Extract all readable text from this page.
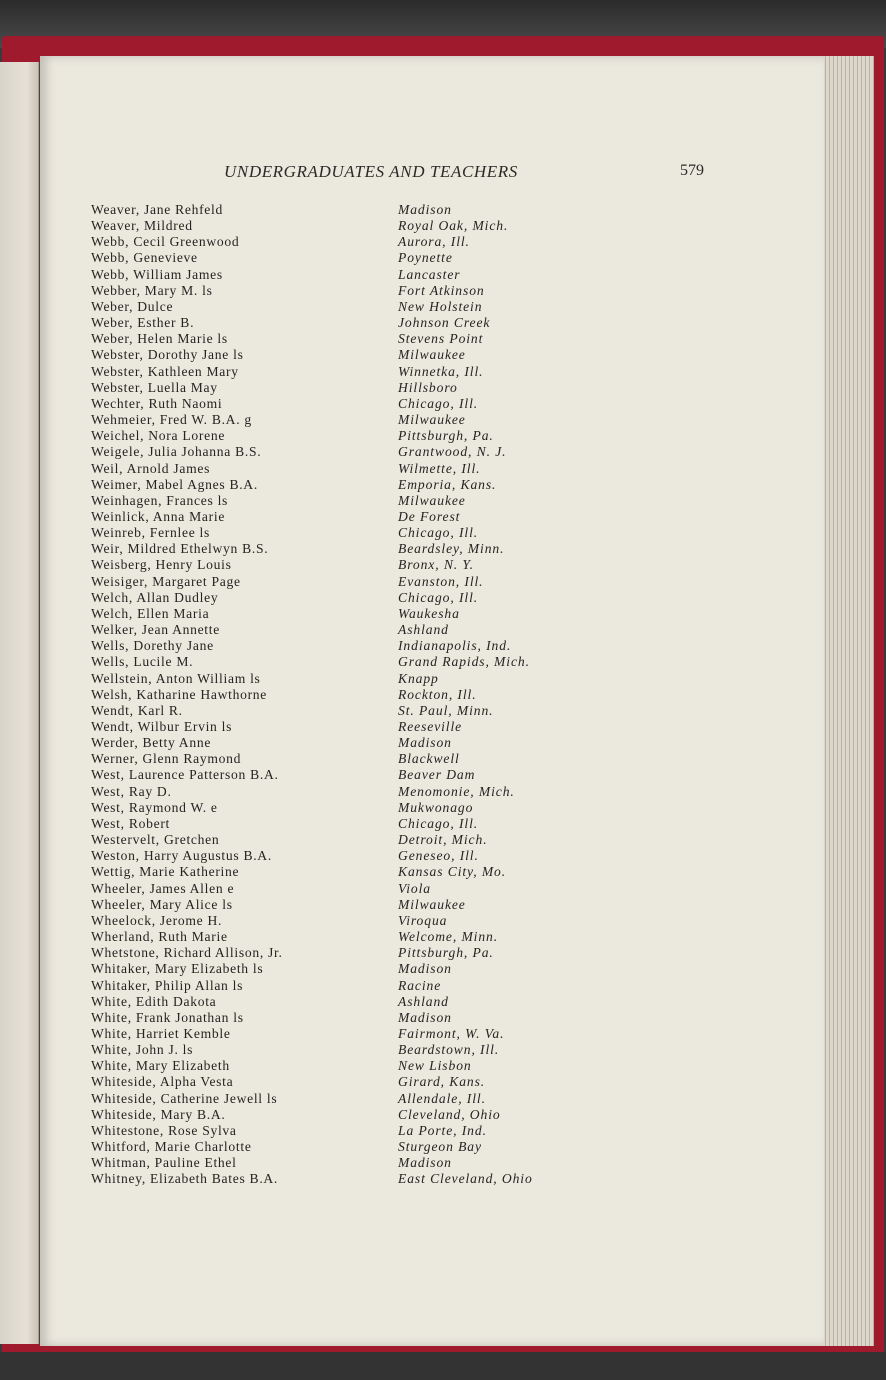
UNDERGRADUATES AND TEACHERS	579
Weaver, Jane Rehfeld	Madison
Weaver, Mildred	Royal Oak, Mich.
Webb, Cecil Greenwood	Aurora, Ill.
Webb, Genevieve	Poynette
Webb, William James	Lancaster
Webber, Mary M. ls	Fort Atkinson
Weber, Dulce	New Holstein
Weber, Esther B.	Johnson Creek
Weber, Helen Marie ls	Stevens Point
Webster, Dorothy Jane ls	Milwaukee
Webster, Kathleen Mary	Winnetka, Ill.
Webster, Luella May	Hillsboro
Wechter, Ruth Naomi	Chicago, Ill.
Wehmeier, Fred W. B.A. g	Milwaukee
Weichel, Nora Lorene	Pittsburgh, Pa.
Weigele, Julia Johanna B.S.	Grantwood, N. J.
Weil, Arnold James	Wilmette, Ill.
Weimer, Mabel Agnes B.A.	Emporia, Kans.
Weinhagen, Frances ls	Milwaukee
Weinlick, Anna Marie	De Forest
Weinreb, Fernlee ls	Chicago, Ill.
Weir, Mildred Ethelwyn B.S.	Beardsley, Minn.
Weisberg, Henry Louis	Bronx, N. Y.
Weisiger, Margaret Page	Evanston, Ill.
Welch, Allan Dudley	Chicago, Ill.
Welch, Ellen Maria	Waukesha
Welker, Jean Annette	Ashland
Wells, Dorethy Jane	Indianapolis, Ind.
Wells, Lucile M.	Grand Rapids, Mich.
Wellstein, Anton William ls	Knapp
Welsh, Katharine Hawthorne	Rockton, Ill.
Wendt, Karl R.	St. Paul, Minn.
Wendt, Wilbur Ervin ls	Reeseville
Werder, Betty Anne	Madison
Werner, Glenn Raymond	Blackwell
West, Laurence Patterson B.A.	Beaver Dam
West, Ray D.	Menomonie, Mich.
West, Raymond W. e	Mukwonago
West, Robert	Chicago, Ill.
Westervelt, Gretchen	Detroit, Mich.
Weston, Harry Augustus B.A.	Geneseo, Ill.
Wettig, Marie Katherine	Kansas City, Mo.
Wheeler, James Allen e	Viola
Wheeler, Mary Alice ls	Milwaukee
Wheelock, Jerome H.	Viroqua
Wherland, Ruth Marie	Welcome, Minn.
Whetstone, Richard Allison, Jr.	Pittsburgh, Pa.
Whitaker, Mary Elizabeth ls	Madison
Whitaker, Philip Allan ls	Racine
White, Edith Dakota	Ashland
White, Frank Jonathan ls	Madison
White, Harriet Kemble	Fairmont, W. Va.
White, John J. ls	Beardstown, Ill.
White, Mary Elizabeth	New Lisbon
Whiteside, Alpha Vesta	Girard, Kans.
Whiteside, Catherine Jewell ls	Allendale, Ill.
Whiteside, Mary B.A.	Cleveland, Ohio
Whitestone, Rose Sylva	La Porte, Ind.
Whitford, Marie Charlotte	Sturgeon Bay
Whitman, Pauline Ethel	Madison
Whitney, Elizabeth Bates B.A.	East Cleveland, Ohio
